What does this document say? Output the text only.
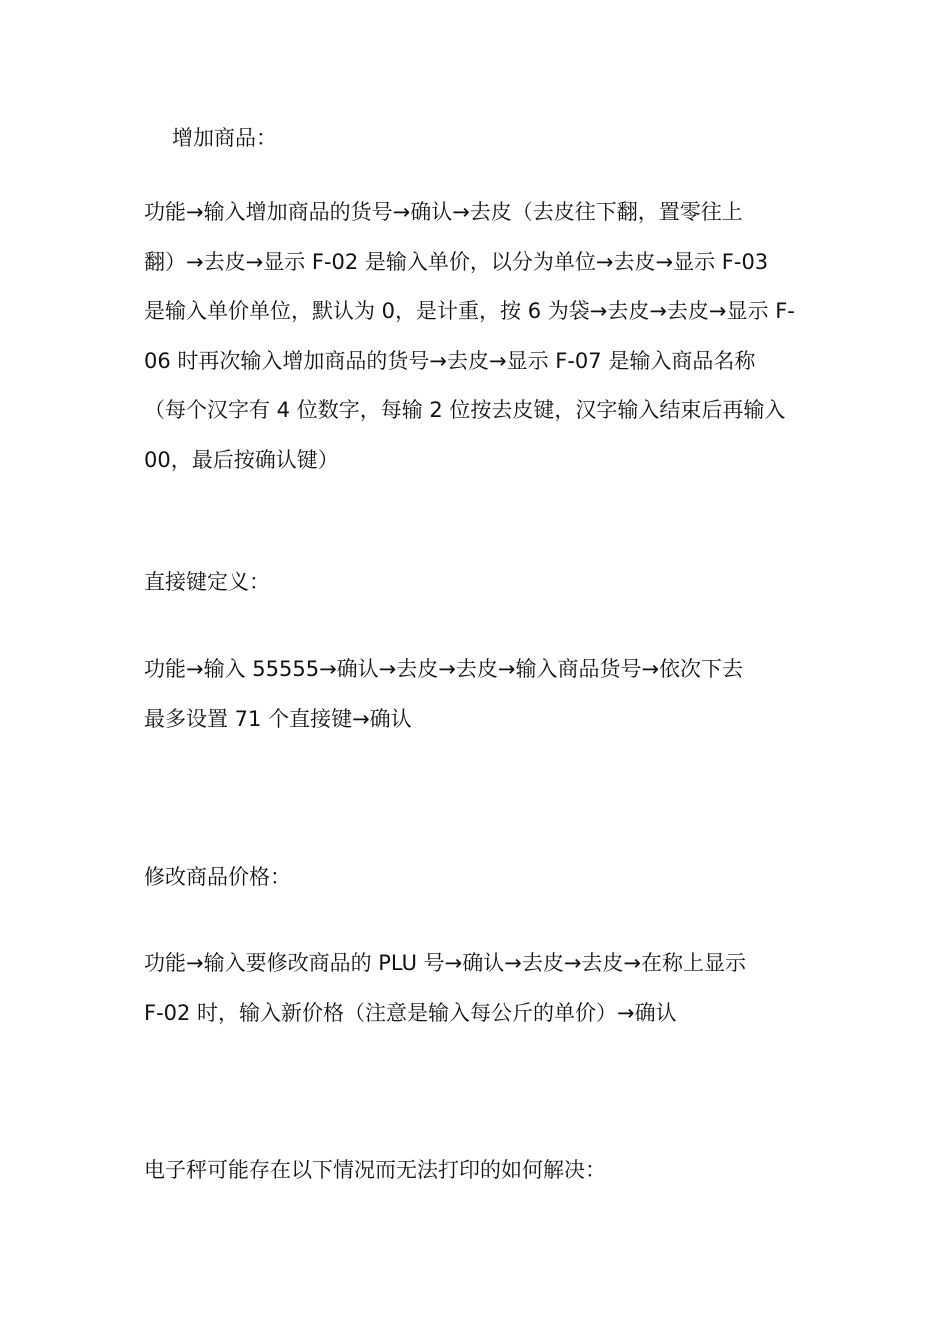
增加商品：
功能→输入增加商品的货号→确认→去皮（去皮往下翻，置零往上
翻）→去皮→显示 F-02 是输入单价，以分为单位→去皮→显示 F-03
是输入单价单位，默认为 0，是计重，按 6 为袋→去皮→去皮→显示 F-
06 时再次输入增加商品的货号→去皮→显示 F-07 是输入商品名称
（每个汉字有 4 位数字，每输 2 位按去皮键，汉字输入结束后再输入
00，最后按确认键）
直接键定义：
功能→输入 55555→确认→去皮→去皮→输入商品货号→依次下去
最多设置 71 个直接键→确认
修改商品价格：
功能→输入要修改商品的 PLU 号→确认→去皮→去皮→在称上显示
F-02 时，输入新价格（注意是输入每公斤的单价）→确认
电子秤可能存在以下情况而无法打印的如何解决：
